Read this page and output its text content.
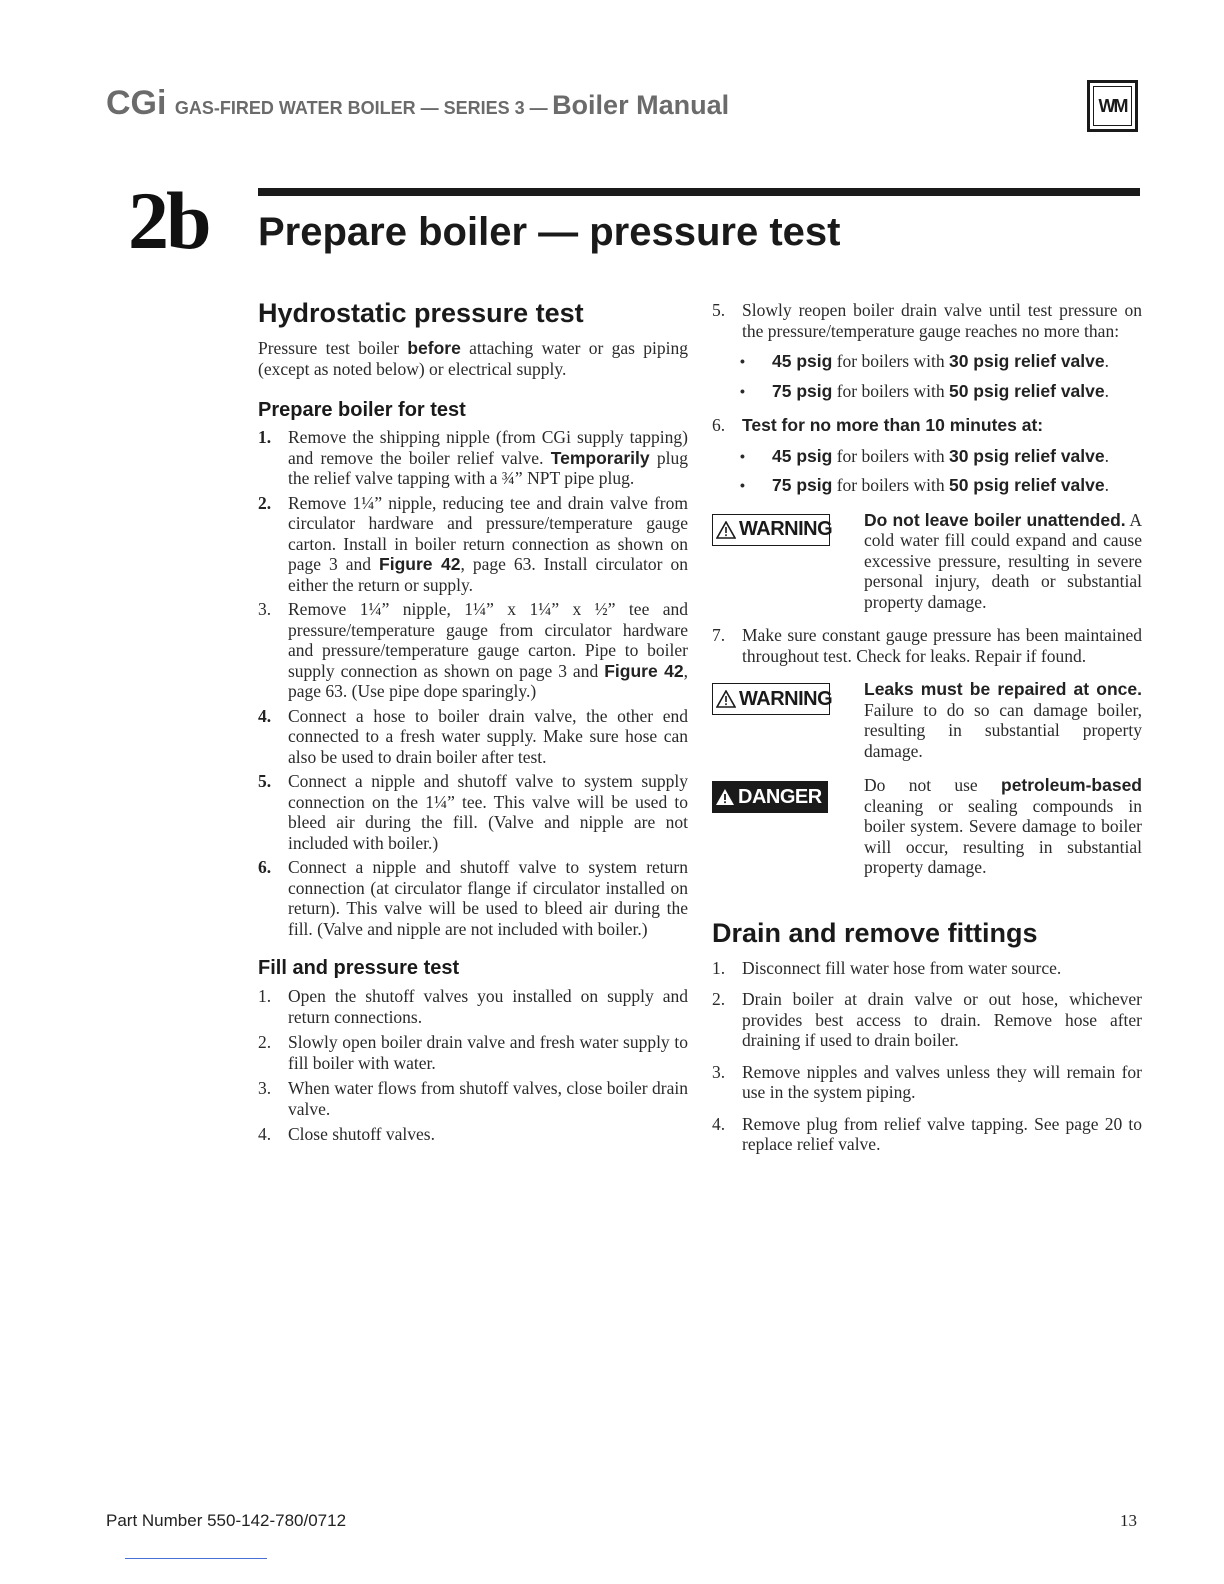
CGi GAS-FIRED WATER BOILER — SERIES 3 — Boiler Manual	WM
2b Prepare boiler — pressure test
Hydrostatic pressure test

Pressure test boiler before attaching water or gas piping (except as noted below) or electrical supply.

Prepare boiler for test
1. Remove the shipping nipple (from CGi supply tapping) and remove the boiler relief valve. Temporarily plug the relief valve tapping with a ¾” NPT pipe plug.
2. Remove 1¼” nipple, reducing tee and drain valve from circulator hardware and pressure/temperature gauge carton. Install in boiler return connection as shown on page 3 and Figure 42, page 63. Install circulator on either the return or supply.
3. Remove 1¼” nipple, 1¼” x 1¼” x ½” tee and pressure/temperature gauge from circulator hardware and pressure/temperature gauge carton. Pipe to boiler supply connection as shown on page 3 and Figure 42, page 63. (Use pipe dope sparingly.)
4. Connect a hose to boiler drain valve, the other end connected to a fresh water supply. Make sure hose can also be used to drain boiler after test.
5. Connect a nipple and shutoff valve to system supply connection on the 1¼” tee. This valve will be used to bleed air during the fill. (Valve and nipple are not included with boiler.)
6. Connect a nipple and shutoff valve to system return connection (at circulator flange if circulator installed on return). This valve will be used to bleed air during the fill. (Valve and nipple are not included with boiler.)
Fill and pressure test
1. Open the shutoff valves you installed on supply and return connections.
2. Slowly open boiler drain valve and fresh water supply to fill boiler with water.
3. When water flows from shutoff valves, close boiler drain valve.
4. Close shutoff valves.
5. Slowly reopen boiler drain valve until test pressure on the pressure/temperature gauge reaches no more than:
•	45 psig for boilers with 30 psig relief valve.
•	75 psig for boilers with 50 psig relief valve.
6. Test for no more than 10 minutes at:
•	45 psig for boilers with 30 psig relief valve.
•	75 psig for boilers with 50 psig relief valve.
WARNING Do not leave boiler unattended. A cold water fill could expand and cause excessive pressure, resulting in severe personal injury, death or substantial property damage.
7. Make sure constant gauge pressure has been maintained throughout test. Check for leaks. Repair if found.
WARNING Leaks must be repaired at once. Failure to do so can damage boiler, resulting in substantial property damage.
DANGER
Do not use petroleum-based cleaning or sealing compounds in boiler system. Severe damage to boiler will occur, resulting in substantial property damage.
Drain and remove fittings
1. Disconnect fill water hose from water source.
2. Drain boiler at drain valve or out hose, whichever provides best access to drain. Remove hose after draining if used to drain boiler.
3. Remove nipples and valves unless they will remain for use in the system piping.
4. Remove plug from relief valve tapping. See page 20 to replace relief valve.
Part Number 550-142-780/0712	13
